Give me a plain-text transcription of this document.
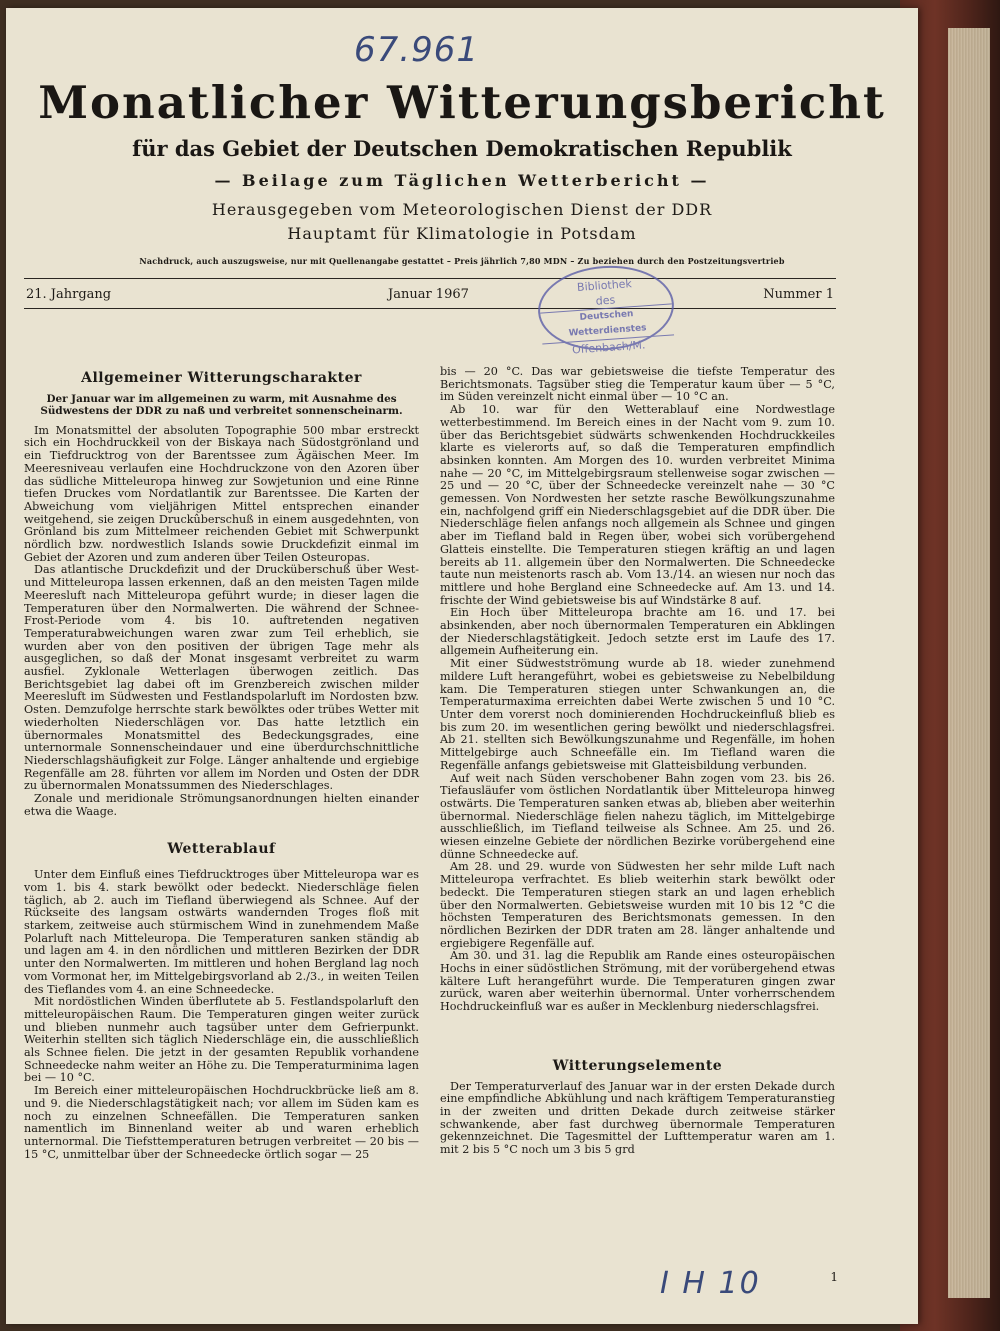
67.961
Monatlicher Witterungsbericht
für das Gebiet der Deutschen Demokratischen Republik
— Beilage zum Täglichen Wetterbericht —
Herausgegeben vom Meteorologischen Dienst der DDR
Hauptamt für Klimatologie in Potsdam
Nachdruck, auch auszugsweise, nur mit Quellenangabe gestattet – Preis jährlich 7,80 MDN – Zu beziehen durch den Postzeitungsvertrieb
21. Jahrgang	Januar 1967	Nummer 1
Bibliothek
des
Deutschen Wetterdienstes
Offenbach/M.
Allgemeiner Witterungscharakter

Der Januar war im allgemeinen zu warm, mit Ausnahme des Südwestens der DDR zu naß und verbreitet sonnenscheinarm.

Im Monatsmittel der absoluten Topographie 500 mbar erstreckt sich ein Hochdruckkeil von der Biskaya nach Südostgrönland und ein Tiefdrucktrog von der Barentssee zum Ägäischen Meer. Im Meeresniveau verlaufen eine Hochdruckzone von den Azoren über das südliche Mitteleuropa hinweg zur Sowjetunion und eine Rinne tiefen Druckes vom Nordatlantik zur Barentssee. Die Karten der Abweichung vom vieljährigen Mittel entsprechen einander weitgehend, sie zeigen Druckûberschuß in einem ausgedehnten, von Grönland bis zum Mittelmeer reichenden Gebiet mit Schwerpunkt nördlich bzw. nordwestlich Islands sowie Druckdefizit einmal im Gebiet der Azoren und zum anderen über Teilen Osteuropas.

Das atlantische Druckdefizit und der Drucküberschuß über West- und Mitteleuropa lassen erkennen, daß an den meisten Tagen milde Meeresluft nach Mitteleuropa geführt wurde; in dieser lagen die Temperaturen über den Normalwerten. Die während der Schnee-Frost-Periode vom 4. bis 10. auftretenden negativen Temperaturabweichungen waren zwar zum Teil erheblich, sie wurden aber von den positiven der übrigen Tage mehr als ausgeglichen, so daß der Monat insgesamt verbreitet zu warm ausfiel. Zyklonale Wetterlagen überwogen zeitlich. Das Berichtsgebiet lag dabei oft im Grenzbereich zwischen milder Meeresluft im Südwesten und Festlandspolarluft im Nordosten bzw. Osten. Demzufolge herrschte stark bewölktes oder trübes Wetter mit wiederholten Niederschlägen vor. Das hatte letztlich ein übernormales Monatsmittel des Bedeckungsgrades, eine unternormale Sonnenscheindauer und eine überdurchschnittliche Niederschlagshäufigkeit zur Folge. Länger anhaltende und ergiebige Regenfälle am 28. führten vor allem im Norden und Osten der DDR zu übernormalen Monatssummen des Niederschlages.

Zonale und meridionale Strömungsanordnungen hielten einander etwa die Waage.

Wetterablauf

Unter dem Einfluß eines Tiefdrucktroges über Mitteleuropa war es vom 1. bis 4. stark bewölkt oder bedeckt. Niederschläge fielen täglich, ab 2. auch im Tiefland überwiegend als Schnee. Auf der Rückseite des langsam ostwärts wandernden Troges floß mit starkem, zeitweise auch stürmischem Wind in zunehmendem Maße Polarluft nach Mitteleuropa. Die Temperaturen sanken ständig ab und lagen am 4. in den nördlichen und mittleren Bezirken der DDR unter den Normalwerten. Im mittleren und hohen Bergland lag noch vom Vormonat her, im Mittelgebirgsvorland ab 2./3., in weiten Teilen des Tieflandes vom 4. an eine Schneedecke.

Mit nordöstlichen Winden überflutete ab 5. Festlandspolarluft den mitteleuropäischen Raum. Die Temperaturen gingen weiter zurück und blieben nunmehr auch tagsüber unter dem Gefrierpunkt. Weiterhin stellten sich täglich Niederschläge ein, die ausschließlich als Schnee fielen. Die jetzt in der gesamten Republik vorhandene Schneedecke nahm weiter an Höhe zu. Die Temperaturminima lagen bei — 10 °C.

Im Bereich einer mitteleuropäischen Hochdruckbrücke ließ am 8. und 9. die Niederschlagstätigkeit nach; vor allem im Süden kam es noch zu einzelnen Schneefällen. Die Temperaturen sanken namentlich im Binnenland weiter ab und waren erheblich unternormal. Die Tiefsttemperaturen betrugen verbreitet — 20 bis — 15 °C, unmittelbar über der Schneedecke örtlich sogar — 25

bis — 20 °C. Das war gebietsweise die tiefste Temperatur des Berichtsmonats. Tagsüber stieg die Temperatur kaum über — 5 °C, im Süden vereinzelt nicht einmal über — 10 °C an.

Ab 10. war für den Wetterablauf eine Nordwestlage wetterbestimmend. Im Bereich eines in der Nacht vom 9. zum 10. über das Berichtsgebiet südwärts schwenkenden Hochdruckkeiles klarte es vielerorts auf, so daß die Temperaturen empfindlich absinken konnten. Am Morgen des 10. wurden verbreitet Minima nahe — 20 °C, im Mittelgebirgsraum stellenweise sogar zwischen — 25 und — 20 °C, über der Schneedecke vereinzelt nahe — 30 °C gemessen. Von Nordwesten her setzte rasche Bewölkungszunahme ein, nachfolgend griff ein Niederschlagsgebiet auf die DDR über. Die Niederschläge fielen anfangs noch allgemein als Schnee und gingen aber im Tiefland bald in Regen über, wobei sich vorübergehend Glatteis einstellte. Die Temperaturen stiegen kräftig an und lagen bereits ab 11. allgemein über den Normalwerten. Die Schneedecke taute nun meistenorts rasch ab. Vom 13./14. an wiesen nur noch das mittlere und hohe Bergland eine Schneedecke auf. Am 13. und 14. frischte der Wind gebietsweise bis auf Windstärke 8 auf.

Ein Hoch über Mitteleuropa brachte am 16. und 17. bei absinkenden, aber noch übernormalen Temperaturen ein Abklingen der Niederschlagstätigkeit. Jedoch setzte erst im Laufe des 17. allgemein Aufheiterung ein.

Mit einer Südwestströmung wurde ab 18. wieder zunehmend mildere Luft herangeführt, wobei es gebietsweise zu Nebelbildung kam. Die Temperaturen stiegen unter Schwankungen an, die Temperaturmaxima erreichten dabei Werte zwischen 5 und 10 °C. Unter dem vorerst noch dominierenden Hochdruckeinfluß blieb es bis zum 20. im wesentlichen gering bewölkt und niederschlagsfrei. Ab 21. stellten sich Bewölkungszunahme und Regenfälle, im hohen Mittelgebirge auch Schneefälle ein. Im Tiefland waren die Regenfälle anfangs gebietsweise mit Glatteisbildung verbunden.

Auf weit nach Süden verschobener Bahn zogen vom 23. bis 26. Tiefausläufer vom östlichen Nordatlantik über Mitteleuropa hinweg ostwärts. Die Temperaturen sanken etwas ab, blieben aber weiterhin übernormal. Niederschläge fielen nahezu täglich, im Mittelgebirge ausschließlich, im Tiefland teilweise als Schnee. Am 25. und 26. wiesen einzelne Gebiete der nördlichen Bezirke vorübergehend eine dünne Schneedecke auf.

Am 28. und 29. wurde von Südwesten her sehr milde Luft nach Mitteleuropa verfrachtet. Es blieb weiterhin stark bewölkt oder bedeckt. Die Temperaturen stiegen stark an und lagen erheblich über den Normalwerten. Gebietsweise wurden mit 10 bis 12 °C die höchsten Temperaturen des Berichtsmonats gemessen. In den nördlichen Bezirken der DDR traten am 28. länger anhaltende und ergiebigere Regenfälle auf.

Am 30. und 31. lag die Republik am Rande eines osteuropäischen Hochs in einer südöstlichen Strömung, mit der vorübergehend etwas kältere Luft herangeführt wurde. Die Temperaturen gingen zwar zurück, waren aber weiterhin übernormal. Unter vorherrschendem Hochdruckeinfluß war es außer in Mecklenburg niederschlagsfrei.

Witterungselemente

Der Temperaturverlauf des Januar war in der ersten Dekade durch eine empfindliche Abkühlung und nach kräftigem Temperaturanstieg in der zweiten und dritten Dekade durch zeitweise stärker schwankende, aber fast durchweg übernormale Temperaturen gekennzeichnet. Die Tagesmittel der Lufttemperatur waren am 1. mit 2 bis 5 °C noch um 3 bis 5 grd

I H 10	1
